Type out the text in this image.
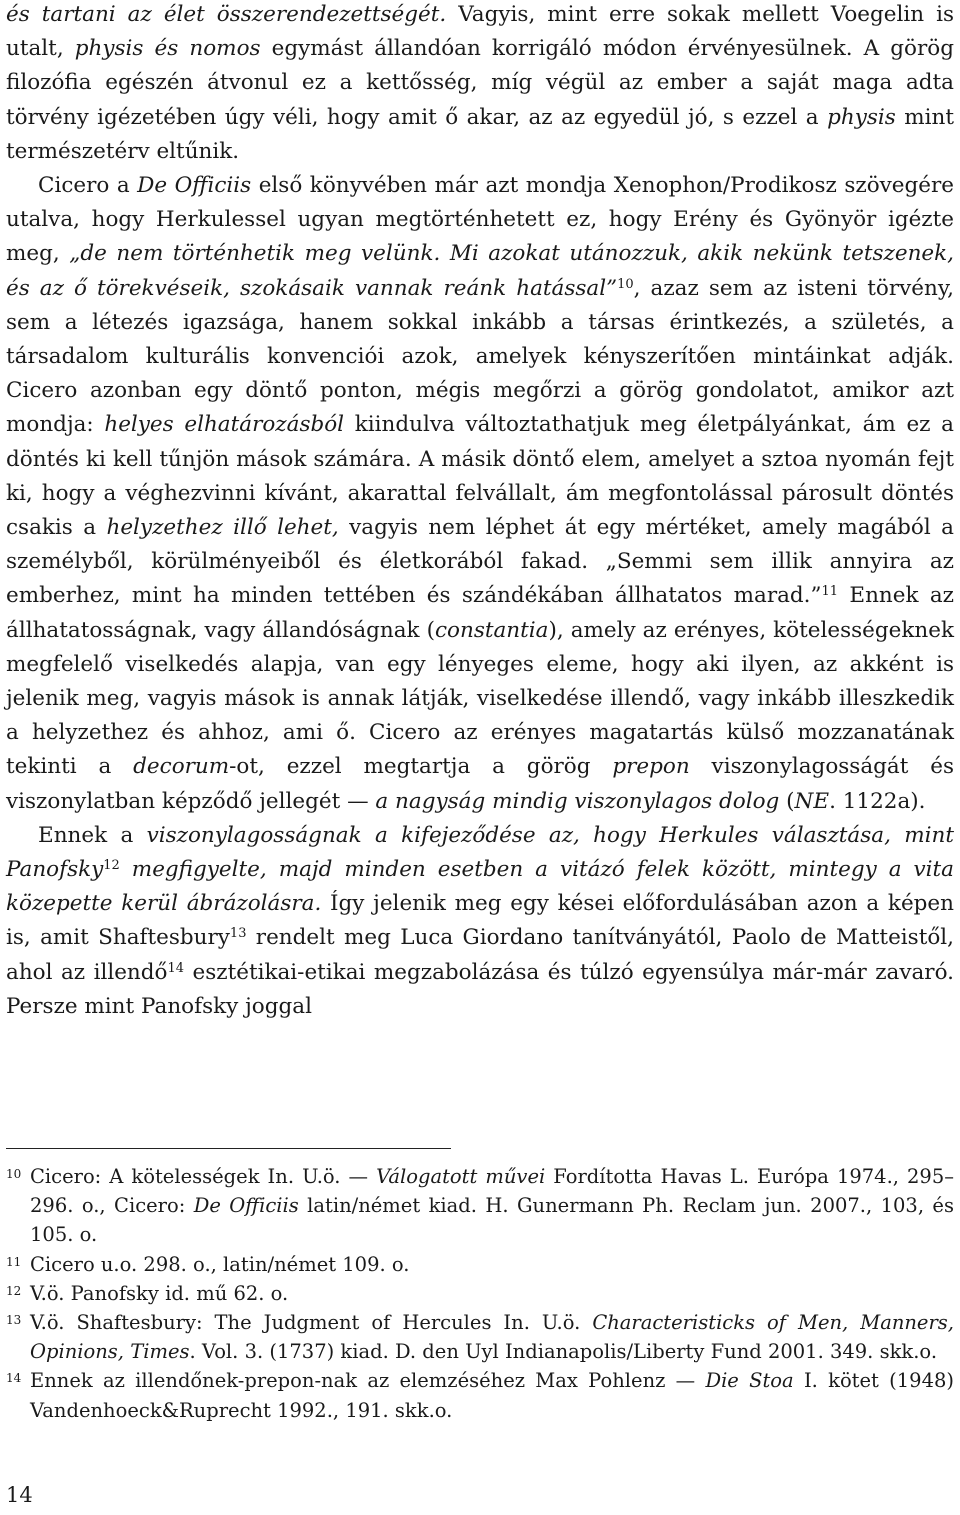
és tartani az élet összerendezettségét. Vagyis, mint erre sokak mellett Voegelin is utalt, physis és nomos egymást állandóan korrigáló módon érvényesülnek. A görög filozófia egészén átvonul ez a kettősség, míg végül az ember a saját maga adta törvény igézetében úgy véli, hogy amit ő akar, az az egyedül jó, s ezzel a physis mint természetérv eltűnik.

Cicero a De Officiis első könyvében már azt mondja Xenophon/Prodikosz szövegére utalva, hogy Herkulessel ugyan megtörténhetett ez, hogy Erény és Gyönyör igézte meg, „de nem történhetik meg velünk. Mi azokat utánozzuk, akik nekünk tetszenek, és az ő törekvéseik, szokásaik vannak reánk hatással”$^{10}$, azaz sem az isteni törvény, sem a létezés igazsága, hanem sokkal inkább a társas érintkezés, a születés, a társadalom kulturális konvenciói azok, amelyek kényszerítően mintáinkat adják. Cicero azonban egy döntő ponton, mégis megőrzi a görög gondolatot, amikor azt mondja: helyes elhatározásból kiindulva változtathatjuk meg életpályánkat, ám ez a döntés ki kell tűnjön mások számára. A másik döntő elem, amelyet a sztoa nyomán fejt ki, hogy a véghezvinni kívánt, akarattal felvállalt, ám megfontolással párosult döntés csakis a helyzethez illő lehet, vagyis nem léphet át egy mértéket, amely magából a személyből, körülményeiből és életkorából fakad. „Semmi sem illik annyira az emberhez, mint ha minden tettében és szándékában állhatatos marad.”$^{11}$ Ennek az állhatatosságnak, vagy állandóságnak (constantia), amely az erényes, kötelességeknek megfelelő viselkedés alapja, van egy lényeges eleme, hogy aki ilyen, az akként is jelenik meg, vagyis mások is annak látják, viselkedése illendő, vagy inkább illeszkedik a helyzethez és ahhoz, ami ő. Cicero az erényes magatartás külső mozzanatának tekinti a decorum-ot, ezzel megtartja a görög prepon viszonylagosságát és viszonylatban képződő jellegét — a nagyság mindig viszonylagos dolog (NE. 1122a).

Ennek a viszonylagosságnak a kifejeződése az, hogy Herkules választása, mint Panofsky$^{12}$ megfigyelte, majd minden esetben a vitázó felek között, mintegy a vita közepette kerül ábrázolásra. Így jelenik meg egy kései előfordulásában azon a képen is, amit Shaftesbury$^{13}$ rendelt meg Luca Giordano tanítványától, Paolo de Matteistől, ahol az illendő$^{14}$ esztétikai-etikai megzabolázása és túlzó egyensúlya már-már zavaró. Persze mint Panofsky joggal

10 Cicero: A kötelességek In. U.ö. — Válogatott művei Fordította Havas L. Európa 1974., 295–296. o., Cicero: De Officiis latin/német kiad. H. Gunermann Ph. Reclam jun. 2007., 103, és 105. o.
11 Cicero u.o. 298. o., latin/német 109. o.
12 V.ö. Panofsky id. mű 62. o.
13 V.ö. Shaftesbury: The Judgment of Hercules In. U.ö. Characteristicks of Men, Manners, Opinions, Times. Vol. 3. (1737) kiad. D. den Uyl Indianapolis/Liberty Fund 2001. 349. skk.o.
14 Ennek az illendőnek-prepon-nak az elemzéséhez Max Pohlenz — Die Stoa I. kötet (1948) Vandenhoeck&Ruprecht 1992., 191. skk.o.
14
